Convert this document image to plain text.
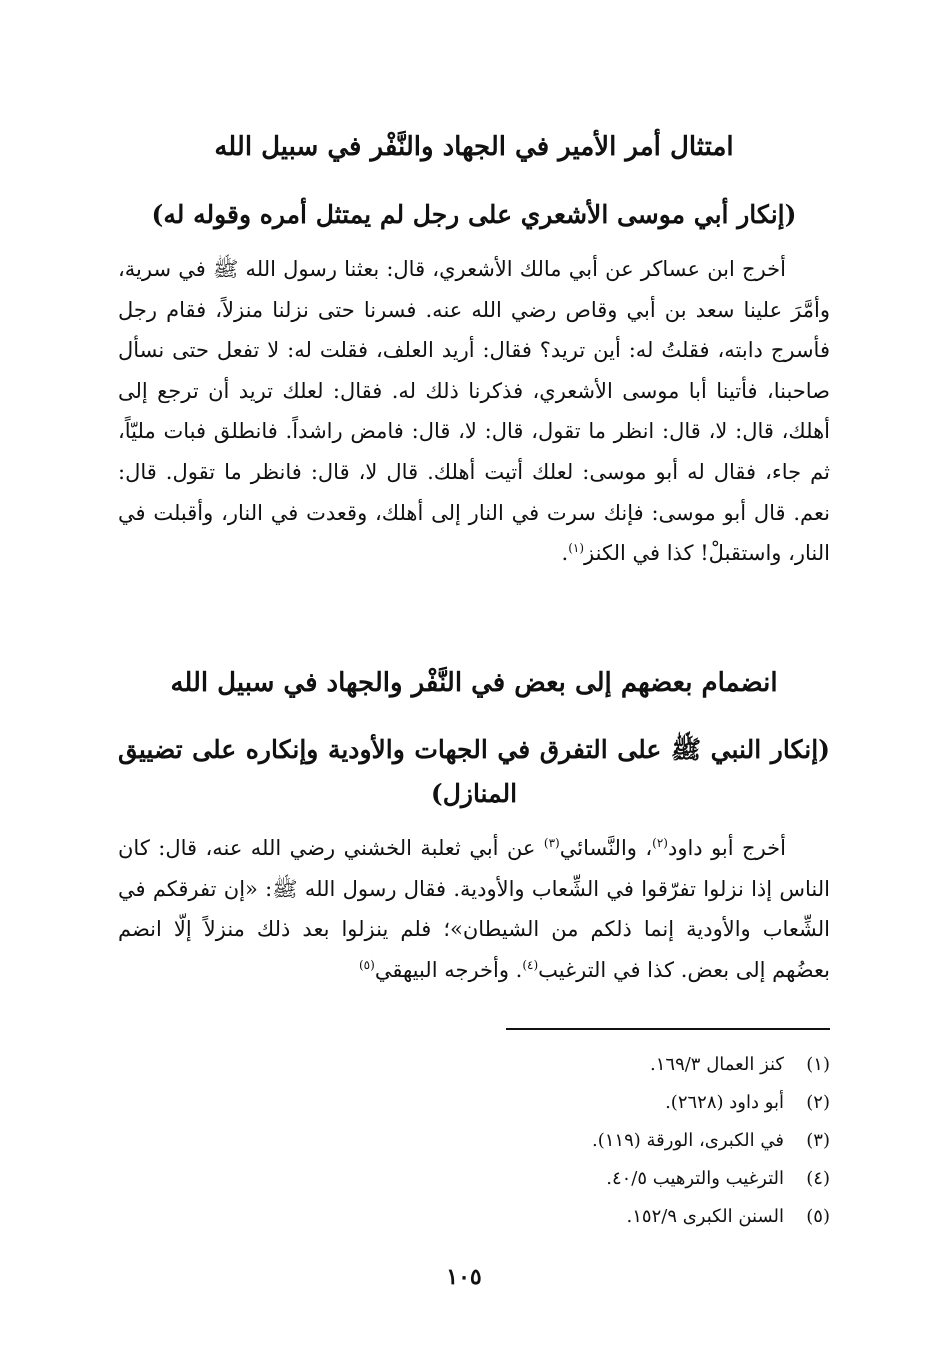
امتثال أمر الأمير في الجهاد والنَّفْر في سبيل الله
(إنكار أبي موسى الأشعري على رجل لم يمتثل أمره وقوله له)

أخرج ابن عساكر عن أبي مالك الأشعري، قال: بعثنا رسول الله ﷺ في سرية، وأمَّرَ علينا سعد بن أبي وقاص رضي الله عنه. فسرنا حتى نزلنا منزلاً، فقام رجل فأسرج دابته، فقلتُ له: أين تريد؟ فقال: أريد العلف، فقلت له: لا تفعل حتى نسأل صاحبنا، فأتينا أبا موسى الأشعري، فذكرنا ذلك له. فقال: لعلك تريد أن ترجع إلى أهلك، قال: لا، قال: انظر ما تقول، قال: لا، قال: فامض راشداً. فانطلق فبات مليّاً، ثم جاء، فقال له أبو موسى: لعلك أتيت أهلك. قال لا، قال: فانظر ما تقول. قال: نعم. قال أبو موسى: فإنك سرت في النار إلى أهلك، وقعدت في النار، وأقبلت في النار، واستقبلْ! كذا في الكنز$^{(١)}$.

انضمام بعضهم إلى بعض في النَّفْر والجهاد في سبيل الله
(إنكار النبي ﷺ على التفرق في الجهات والأودية وإنكاره على تضييق المنازل)

أخرج أبو داود$^{(٢)}$، والنَّسائي$^{(٣)}$ عن أبي ثعلبة الخشني رضي الله عنه، قال: كان الناس إذا نزلوا تفرّقوا في الشِّعاب والأودية. فقال رسول الله ﷺ: «إن تفرقكم في الشِّعاب والأودية إنما ذلكم من الشيطان»؛ فلم ينزلوا بعد ذلك منزلاً إلّا انضم بعضُهم إلى بعض. كذا في الترغيب$^{(٤)}$. وأخرجه البيهقي$^{(٥)}$

(١)كنز العمال ١٦٩/٣.
(٢)أبو داود (٢٦٢٨).
(٣)في الكبرى، الورقة (١١٩).
(٤)الترغيب والترهيب ٤٠/٥.
(٥)السنن الكبرى ١٥٢/٩.
١٠٥
